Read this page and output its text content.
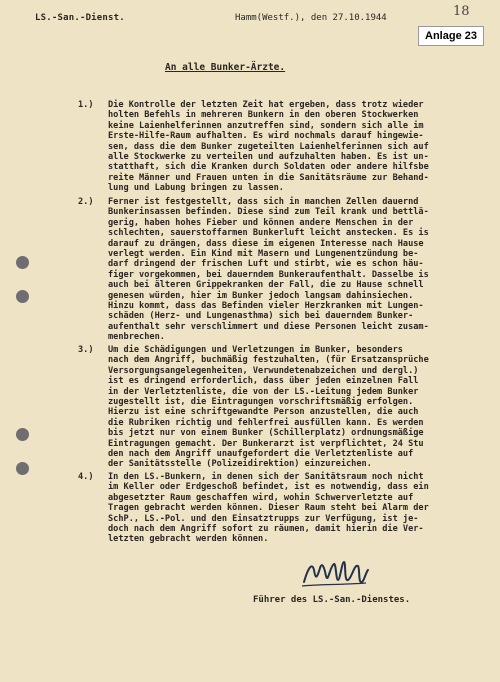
LS.-San.-Dienst.	Hamm(Westf.), den 27.10.1944	18
Anlage 23
An alle Bunker-Ärzte.
1.) Die Kontrolle der letzten Zeit hat ergeben, dass trotz wieder
holten Befehls in mehreren Bunkern in den oberen Stockwerken
keine Laienhelferinnen anzutreffen sind, sondern sich alle im
Erste-Hilfe-Raum aufhalten. Es wird nochmals darauf hingewie-
sen, dass die dem Bunker zugeteilten Laienhelferinnen sich auf
alle Stockwerke zu verteilen und aufzuhalten haben. Es ist un-
statthaft, sich die Kranken durch Soldaten oder andere hilfsbe
reite Männer und Frauen unten in die Sanitätsräume zur Behand-
lung und Labung bringen zu lassen.
2.) Ferner ist festgestellt, dass sich in manchen Zellen dauernd
Bunkerinsassen befinden. Diese sind zum Teil krank und bettlä-
gerig, haben hohes Fieber und können andere Menschen in der
schlechten, sauerstoffarmen Bunkerluft leicht anstecken. Es is
darauf zu drängen, dass diese im eigenen Interesse nach Hause
verlegt werden. Ein Kind mit Masern und Lungenentzündung be-
darf dringend der frischen Luft und stirbt, wie es schon häu-
figer vorgekommen, bei dauerndem Bunkeraufenthalt. Dasselbe is
auch bei älteren Grippekranken der Fall, die zu Hause schnell
genesen würden, hier im Bunker jedoch langsam dahinsiechen.
Hinzu kommt, dass das Befinden vieler Herzkranken mit Lungen-
schäden (Herz- und Lungenasthma) sich bei dauerndem Bunker-
aufenthalt sehr verschlimmert und diese Personen leicht zusam-
menbrechen.
3.) Um die Schädigungen und Verletzungen im Bunker, besonders
nach dem Angriff, buchmäßig festzuhalten, (für Ersatzansprüche
Versorgungsangelegenheiten, Verwundetenabzeichen und dergl.)
ist es dringend erforderlich, dass über jeden einzelnen Fall
in der Verletztenliste, die von der LS.-Leitung jedem Bunker
zugestellt ist, die Eintragungen vorschriftsmäßig erfolgen.
Hierzu ist eine schriftgewandte Person anzustellen, die auch
die Rubriken richtig und fehlerfrei ausfüllen kann. Es werden
bis jetzt nur von einem Bunker (Schillerplatz) ordnungsmäßige
Eintragungen gemacht. Der Bunkerarzt ist verpflichtet, 24 Stu
den nach dem Angriff unaufgefordert die Verletztenliste auf
der Sanitätsstelle (Polizeidirektion) einzureichen.
4.) In den LS.-Bunkern, in denen sich der Sanitätsraum noch nicht
im Keller oder Erdgeschoß befindet, ist es notwendig, dass ein
abgesetzter Raum geschaffen wird, wohin Schwerverletzte auf
Tragen gebracht werden können. Dieser Raum steht bei Alarm der
SchP., LS.-Pol. und den Einsatztrupps zur Verfügung, ist je-
doch nach dem Angriff sofort zu räumen, damit hierin die Ver-
letzten gebracht werden können.
Führer des LS.-San.-Dienstes.
